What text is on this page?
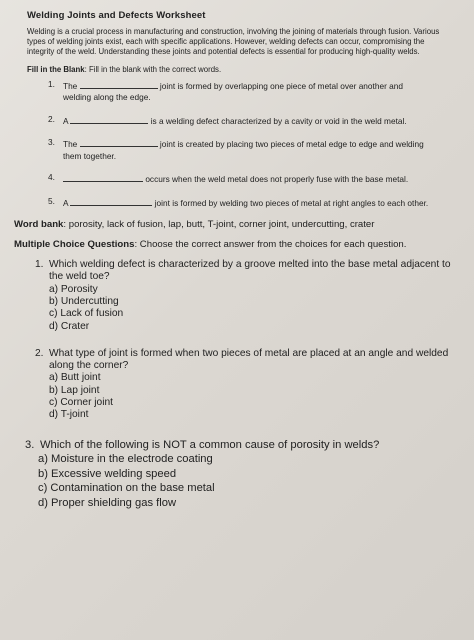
Welding Joints and Defects Worksheet
Welding is a crucial process in manufacturing and construction, involving the joining of materials through fusion. Various types of welding joints exist, each with specific applications. However, welding defects can occur, compromising the integrity of the weld. Understanding these joints and potential defects is essential for producing high-quality welds.
Fill in the Blank: Fill in the blank with the correct words.
1. The	joint is formed by overlapping one piece of metal over another and welding along the edge.
2. A	is a welding defect characterized by a cavity or void in the weld metal.
3. The	joint is created by placing two pieces of metal edge to edge and welding them together.
4.	occurs when the weld metal does not properly fuse with the base metal.
5. A	joint is formed by welding two pieces of metal at right angles to each other.
Word bank: porosity, lack of fusion, lap, butt, T-joint, corner joint, undercutting, crater
Multiple Choice Questions: Choose the correct answer from the choices for each question.
1. Which welding defect is characterized by a groove melted into the base metal adjacent to the weld toe?
a) Porosity
b) Undercutting
c) Lack of fusion
d) Crater
2. What type of joint is formed when two pieces of metal are placed at an angle and welded along the corner?
a) Butt joint
b) Lap joint
c) Corner joint
d) T-joint
3. Which of the following is NOT a common cause of porosity in welds?
a) Moisture in the electrode coating
b) Excessive welding speed
c) Contamination on the base metal
d) Proper shielding gas flow
